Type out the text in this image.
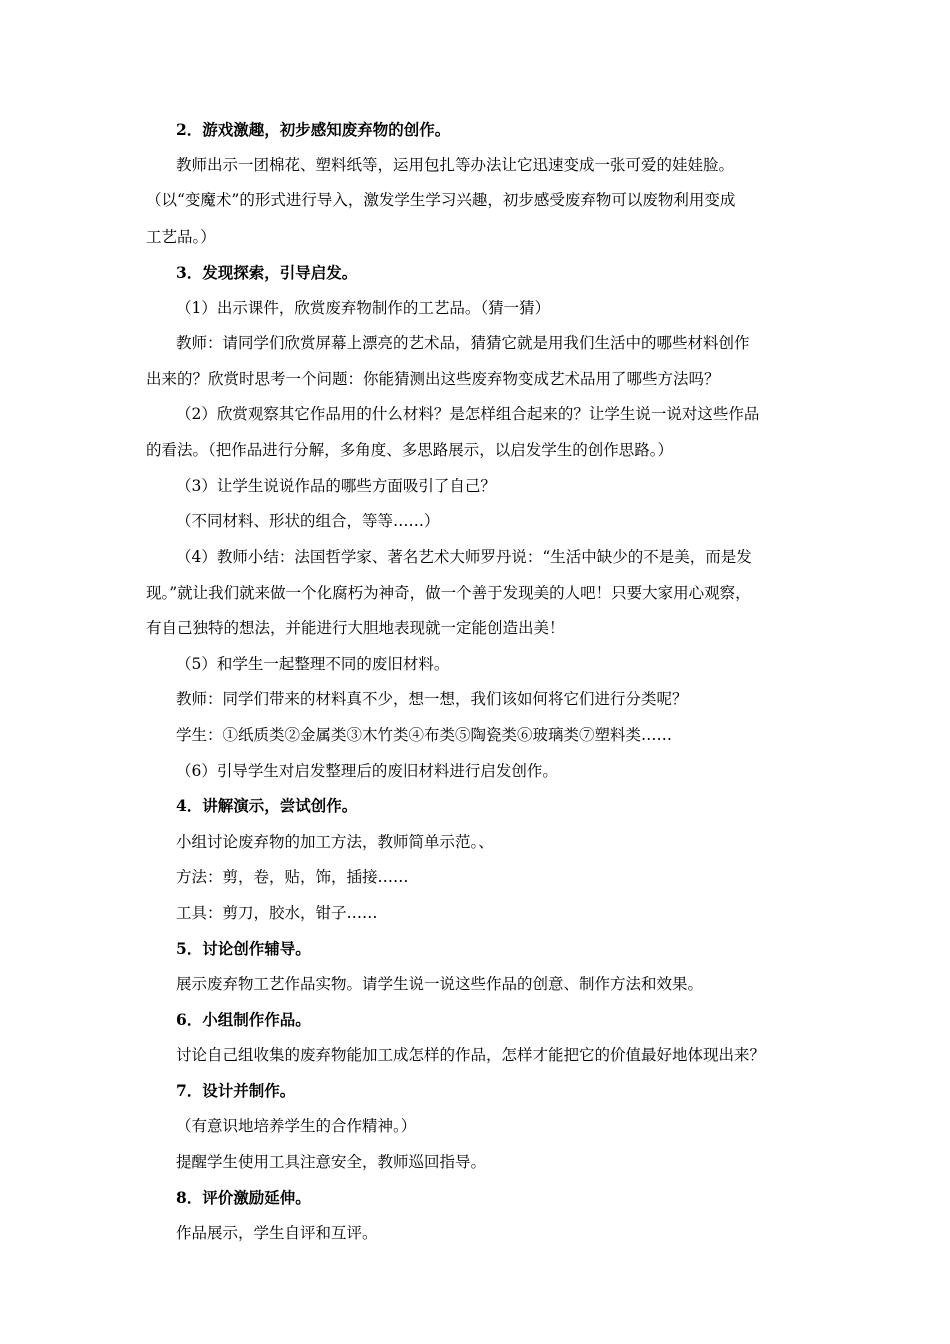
2．游戏激趣，初步感知废弃物的创作。
教师出示一团棉花、塑料纸等，运用包扎等办法让它迅速变成一张可爱的娃娃脸。
（以“变魔术”的形式进行导入，激发学生学习兴趣，初步感受废弃物可以废物利用变成
工艺品。）
3．发现探索，引导启发。
（1）出示课件，欣赏废弃物制作的工艺品。（猜一猜）
教师：请同学们欣赏屏幕上漂亮的艺术品，猜猜它就是用我们生活中的哪些材料创作
出来的？欣赏时思考一个问题：你能猜测出这些废弃物变成艺术品用了哪些方法吗？
（2）欣赏观察其它作品用的什么材料？是怎样组合起来的？让学生说一说对这些作品
的看法。（把作品进行分解，多角度、多思路展示，以启发学生的创作思路。）
（3）让学生说说作品的哪些方面吸引了自己？
（不同材料、形状的组合，等等……）
（4）教师小结：法国哲学家、著名艺术大师罗丹说：“生活中缺少的不是美，而是发
现。”就让我们就来做一个化腐朽为神奇，做一个善于发现美的人吧！只要大家用心观察，
有自己独特的想法，并能进行大胆地表现就一定能创造出美！
（5）和学生一起整理不同的废旧材料。
教师：同学们带来的材料真不少，想一想，我们该如何将它们进行分类呢？
学生：①纸质类②金属类③木竹类④布类⑤陶瓷类⑥玻璃类⑦塑料类……
（6）引导学生对启发整理后的废旧材料进行启发创作。
4．讲解演示，尝试创作。
小组讨论废弃物的加工方法，教师简单示范。、
方法：剪，卷，贴，饰，插接……
工具：剪刀，胶水，钳子……
5．讨论创作辅导。
展示废弃物工艺作品实物。请学生说一说这些作品的创意、制作方法和效果。
6．小组制作作品。
讨论自己组收集的废弃物能加工成怎样的作品，怎样才能把它的价值最好地体现出来？
7．设计并制作。
（有意识地培养学生的合作精神。）
提醒学生使用工具注意安全，教师巡回指导。
8．评价激励延伸。
作品展示，学生自评和互评。
